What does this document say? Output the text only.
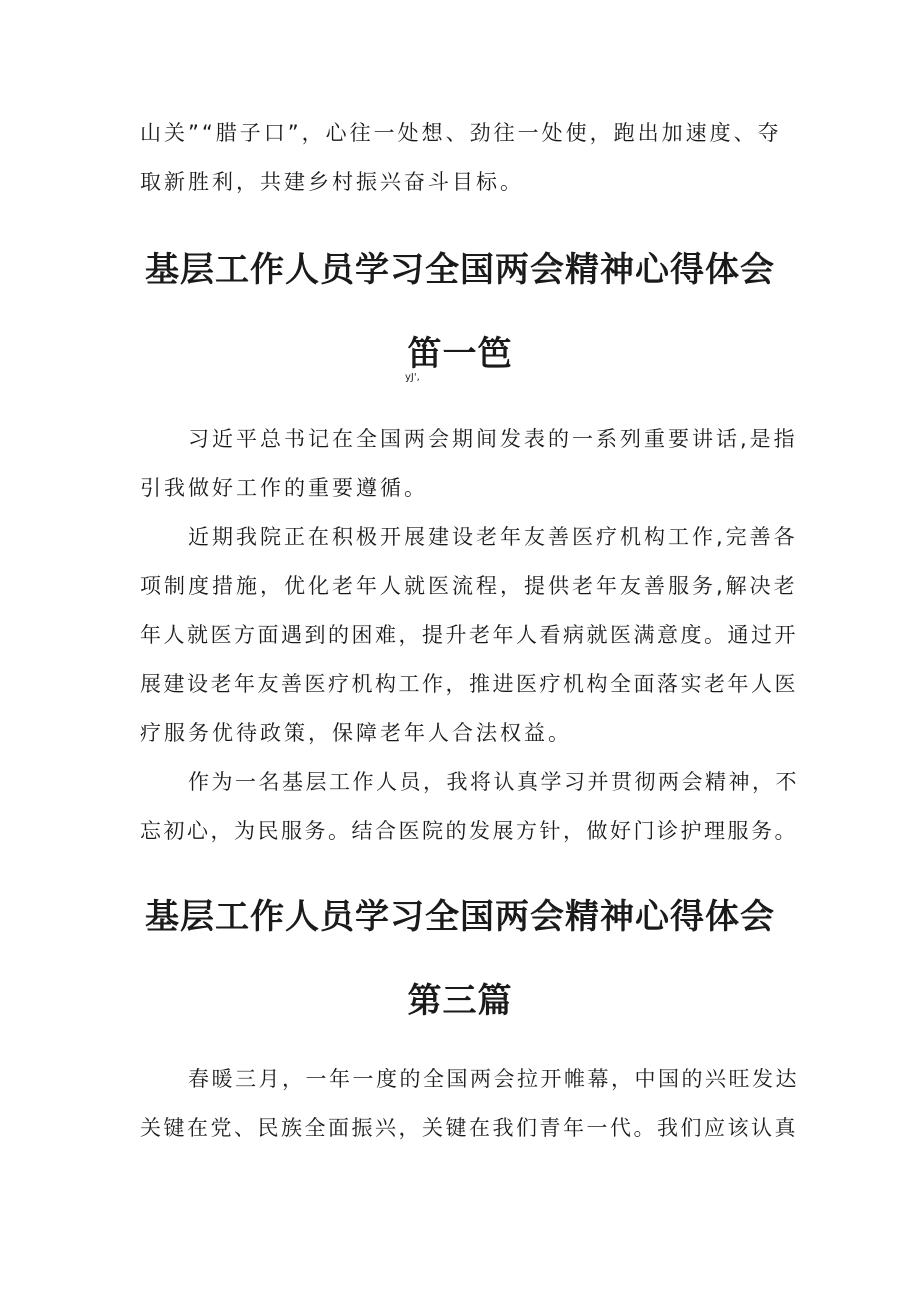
山关”“腊子口”，心往一处想、劲往一处使，跑出加速度、夺
取新胜利，共建乡村振兴奋斗目标。
基层工作人员学习全国两会精神心得体会
笛一笆
yJ',
习近平总书记在全国两会期间发表的一系列重要讲话,是指
引我做好工作的重要遵循。
近期我院正在积极开展建设老年友善医疗机构工作,完善各
项制度措施，优化老年人就医流程，提供老年友善服务,解决老
年人就医方面遇到的困难，提升老年人看病就医满意度。通过开
展建设老年友善医疗机构工作，推进医疗机构全面落实老年人医
疗服务优待政策，保障老年人合法权益。
作为一名基层工作人员，我将认真学习并贯彻两会精神，不
忘初心，为民服务。结合医院的发展方针，做好门诊护理服务。
基层工作人员学习全国两会精神心得体会
第三篇
春暖三月，一年一度的全国两会拉开帷幕，中国的兴旺发达
关键在党、民族全面振兴，关键在我们青年一代。我们应该认真
